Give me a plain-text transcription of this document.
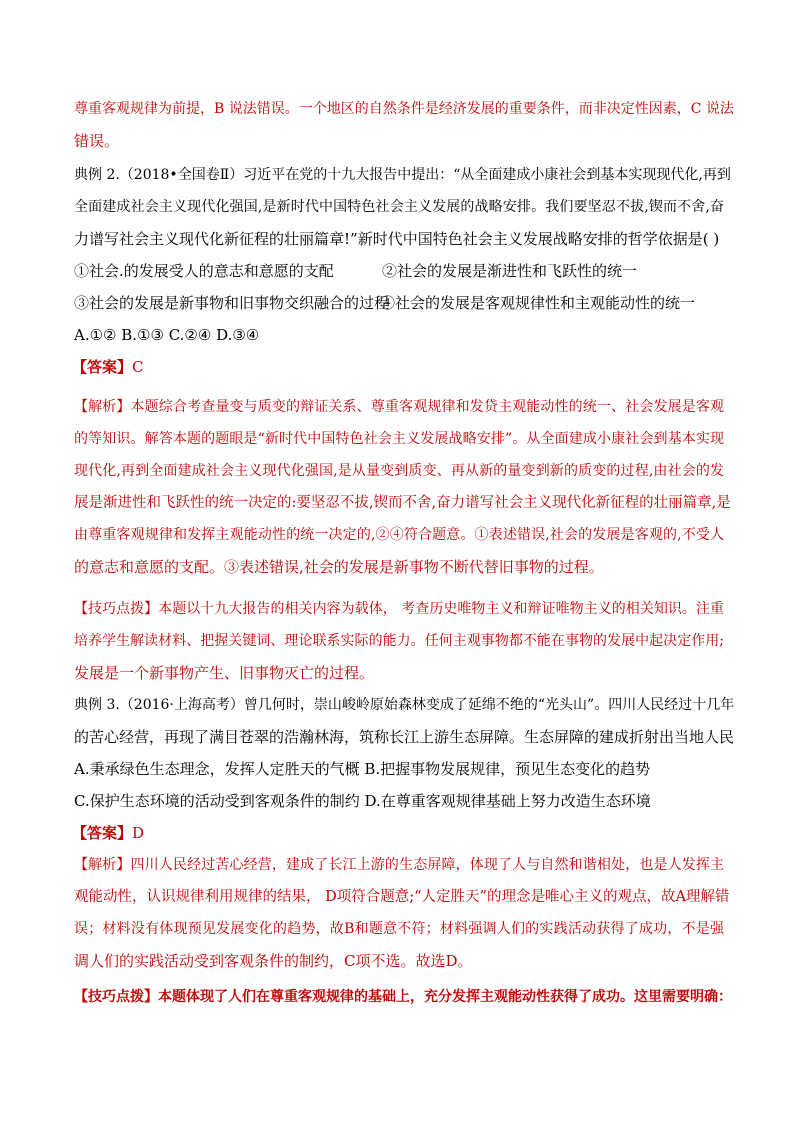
尊重客观规律为前提，B 说法错误。一个地区的自然条件是经济发展的重要条件，而非决定性因素，C 说法
错误。
典例 2.（2018•全国卷Ⅱ）习近平在党的十九大报告中提出：“从全面建成小康社会到基本实现现代化,再到
全面建成社会主义现代化强国,是新时代中国特色社会主义发展的战略安排。我们要坚忍不拔,锲而不舍,奋
力谱写社会主义现代化新征程的壮丽篇章!”新时代中国特色社会主义发展战略安排的哲学依据是( )
①社会.的发展受人的意志和意愿的支配	②社会的发展是渐进性和飞跃性的统一
③社会的发展是新事物和旧事物交织融合的过程
④社会的发展是客观规律性和主观能动性的统一
A.①② B.①③ C.②④ D.③④
【答案】C
【解析】本题综合考查量变与质变的辩证关系、尊重客观规律和发贷主观能动性的统一、社会发展是客观
的等知识。解答本题的题眼是“新时代中国特色社会主义发展战略安排”。从全面建成小康社会到基本实现
现代化,再到全面建成社会主义现代化强国,是从量变到质变、再从新的量变到新的质变的过程,由社会的发
展是渐进性和飞跃性的统一决定的:要坚忍不拔,锲而不舍,奋力谱写社会主义现代化新征程的壮丽篇章,是
由尊重客观规律和发挥主观能动性的统一决定的,②④符合题意。①表述错误,社会的发展是客观的,不受人
的意志和意愿的支配。③表述错误,社会的发展是新事物不断代替旧事物的过程。
【技巧点拨】本题以十九大报告的相关内容为载体， 考查历史唯物主义和辩证唯物主义的相关知识。注重
培养学生解读材料、把握关键词、理论联系实际的能力。任何主观事物都不能在事物的发展中起决定作用;
发展是一个新事物产生、旧事物灭亡的过程。
典例 3.（2016·上海高考）曾几何时，崇山峻岭原始森林变成了延绵不绝的“光头山”。四川人民经过十几年
的苦心经营，再现了满目苍翠的浩瀚林海，筑称长江上游生态屏障。生态屏障的建成折射出当地人民
A.秉承绿色生态理念，发挥人定胜天的气概 B.把握事物发展规律，预见生态变化的趋势
C.保护生态环境的活动受到客观条件的制约 D.在尊重客观规律基础上努力改造生态环境
【答案】D
【解析】四川人民经过苦心经营，建成了长江上游的生态屏障，体现了人与自然和谐相处，也是人发挥主
观能动性，认识规律利用规律的结果， D项符合题意;“人定胜天”的理念是唯心主义的观点，故A理解错
误；材料没有体现预见发展变化的趋势，故B和题意不符；材料强调人们的实践活动获得了成功，不是强
调人们的实践活动受到客观条件的制约，C项不选。故选D。
【技巧点拨】本题体现了人们在尊重客观规律的基础上，充分发挥主观能动性获得了成功。这里需要明确：
